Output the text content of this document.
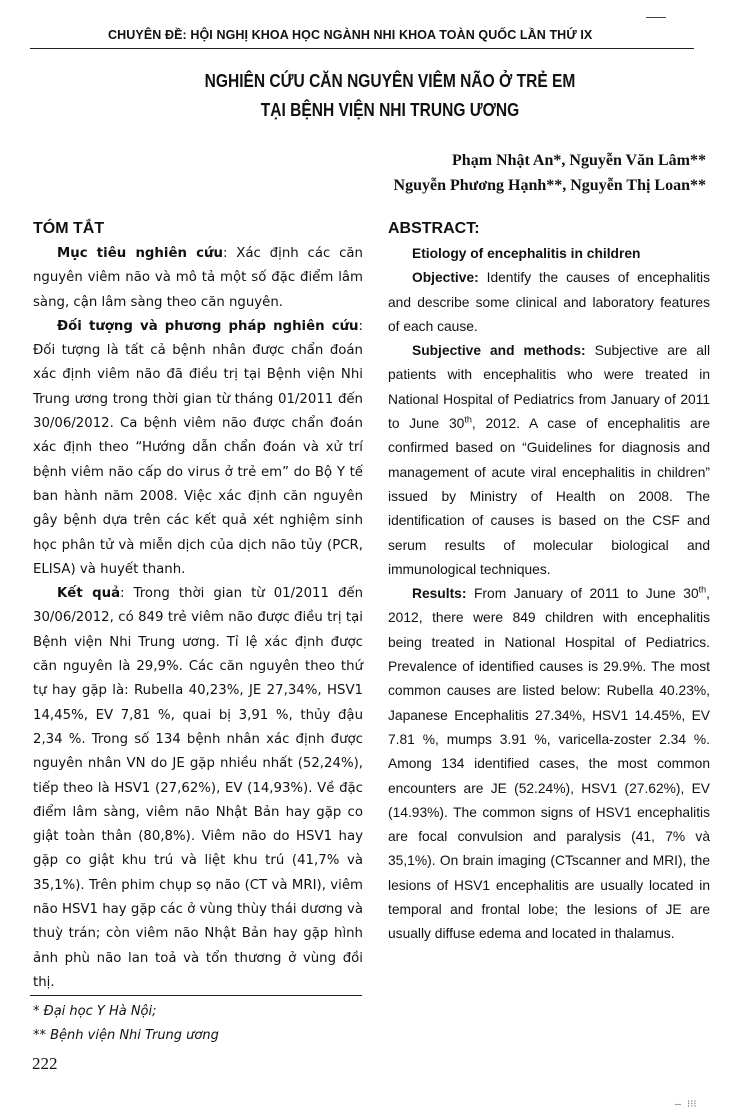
CHUYÊN ĐỀ: HỘI NGHỊ KHOA HỌC NGÀNH NHI KHOA TOÀN QUỐC LẦN THỨ IX
NGHIÊN CỨU CĂN NGUYÊN VIÊM NÃO Ở TRẺ EM
TẠI BỆNH VIỆN NHI TRUNG ƯƠNG
Phạm Nhật An*, Nguyễn Văn Lâm**
Nguyễn Phương Hạnh**, Nguyễn Thị Loan**
TÓM TẮT

Mục tiêu nghiên cứu: Xác định các căn nguyên viêm não và mô tả một số đặc điểm lâm sàng, cận lâm sàng theo căn nguyên.

Đối tượng và phương pháp nghiên cứu: Đối tượng là tất cả bệnh nhân được chẩn đoán xác định viêm não đã điều trị tại Bệnh viện Nhi Trung ương trong thời gian từ tháng 01/2011 đến 30/06/2012. Ca bệnh viêm não được chẩn đoán xác định theo “Hướng dẫn chẩn đoán và xử trí bệnh viêm não cấp do virus ở trẻ em” do Bộ Y tế ban hành năm 2008. Việc xác định căn nguyên gây bệnh dựa trên các kết quả xét nghiệm sinh học phân tử và miễn dịch của dịch não tủy (PCR, ELISA) và huyết thanh.

Kết quả: Trong thời gian từ 01/2011 đến 30/06/2012, có 849 trẻ viêm não được điều trị tại Bệnh viện Nhi Trung ương. Tỉ lệ xác định được căn nguyên là 29,9%. Các căn nguyên theo thứ tự hay gặp là: Rubella 40,23%, JE 27,34%, HSV1 14,45%, EV 7,81 %, quai bị 3,91 %, thủy đậu 2,34 %. Trong số 134 bệnh nhân xác định được nguyên nhân VN do JE gặp nhiều nhất (52,24%), tiếp theo là HSV1 (27,62%), EV (14,93%). Về đặc điểm lâm sàng, viêm não Nhật Bản hay gặp co giật toàn thân (80,8%). Viêm não do HSV1 hay gặp co giật khu trú và liệt khu trú (41,7% và 35,1%). Trên phim chụp sọ não (CT và MRI), viêm não HSV1 hay gặp các ở vùng thùy thái dương và thuỳ trán; còn viêm não Nhật Bản hay gặp hình ảnh phù não lan toả và tổn thương ở vùng đồi thị.

ABSTRACT:

Etiology of encephalitis in children

Objective: Identify the causes of encephalitis and describe some clinical and laboratory features of each cause.

Subjective and methods: Subjective are all patients with encephalitis who were treated in National Hospital of Pediatrics from January of 2011 to June 30th, 2012. A case of encephalitis are confirmed based on “Guidelines for diagnosis and management of acute viral encephalitis in children” issued by Ministry of Health on 2008. The identification of causes is based on the CSF and serum results of molecular biological and immunological techniques.

Results: From January of 2011 to June 30th, 2012, there were 849 children with encephalitis being treated in National Hospital of Pediatrics. Prevalence of identified causes is 29.9%. The most common causes are listed below: Rubella 40.23%, Japanese Encephalitis 27.34%, HSV1 14.45%, EV 7.81 %, mumps 3.91 %, varicella-zoster 2.34 %. Among 134 identified cases, the most common encounters are JE (52.24%), HSV1 (27.62%), EV (14.93%). The common signs of HSV1 encephalitis are focal convulsion and paralysis (41, 7% và 35,1%). On brain imaging (CTscanner and MRI), the lesions of HSV1 encephalitis are usually located in temporal and frontal lobe; the lesions of JE are usually diffuse edema and located in thalamus.

* Đại học Y Hà Nội;
** Bệnh viện Nhi Trung ương
222
— ⁝⁝⁝
